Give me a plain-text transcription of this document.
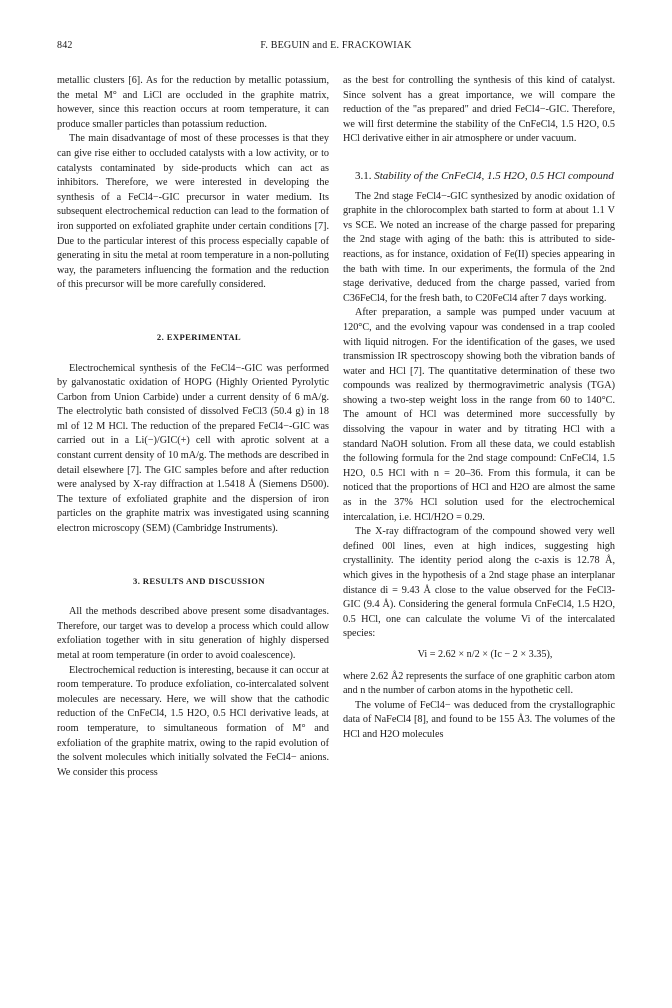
842	F. BEGUIN and E. FRACKOWIAK

metallic clusters [6]. As for the reduction by metallic potassium, the metal M° and LiCl are occluded in the graphite matrix, however, since this reaction occurs at room temperature, it can produce smaller particles than potassium reduction.

The main disadvantage of most of these processes is that they can give rise either to occluded catalysts with a low activity, or to catalysts contaminated by side-products which can act as inhibitors. Therefore, we were interested in developing the synthesis of a FeCl4−-GIC precursor in water medium. Its subsequent electrochemical reduction can lead to the formation of iron supported on exfoliated graphite under certain conditions [7]. Due to the particular interest of this process especially capable of generating in situ the metal at room temperature in a non-polluting way, the parameters influencing the formation and the reduction of this precursor will be more carefully considered.

2. EXPERIMENTAL

Electrochemical synthesis of the FeCl4−-GIC was performed by galvanostatic oxidation of HOPG (Highly Oriented Pyrolytic Carbon from Union Carbide) under a current density of 6 mA/g. The electrolytic bath consisted of dissolved FeCl3 (50.4 g) in 18 ml of 12 M HCl. The reduction of the prepared FeCl4−-GIC was carried out in a Li(−)/GIC(+) cell with aprotic solvent at a constant current density of 10 mA/g. The methods are described in detail elsewhere [7]. The GIC samples before and after reduction were analysed by X-ray diffraction at 1.5418 Å (Siemens D500). The texture of exfoliated graphite and the dispersion of iron particles on the graphite matrix was investigated using scanning electron microscopy (SEM) (Cambridge Instruments).

3. RESULTS AND DISCUSSION

All the methods described above present some disadvantages. Therefore, our target was to develop a process which could allow exfoliation together with in situ generation of highly dispersed metal at room temperature (in order to avoid coalescence).

Electrochemical reduction is interesting, because it can occur at room temperature. To produce exfoliation, co-intercalated solvent molecules are necessary. Here, we will show that the cathodic reduction of the CnFeCl4, 1.5 H2O, 0.5 HCl derivative leads, at room temperature, to simultaneous formation of M° and exfoliation of the graphite matrix, owing to the rapid evolution of the solvent molecules which initially solvated the FeCl4− anions. We consider this process

as the best for controlling the synthesis of this kind of catalyst. Since solvent has a great importance, we will compare the reduction of the "as prepared" and dried FeCl4−-GIC. Therefore, we will first determine the stability of the CnFeCl4, 1.5 H2O, 0.5 HCl derivative either in air atmosphere or under vacuum.

3.1. Stability of the CnFeCl4, 1.5 H2O, 0.5 HCl compound

The 2nd stage FeCl4−-GIC synthesized by anodic oxidation of graphite in the chlorocomplex bath started to form at about 1.1 V vs SCE. We noted an increase of the charge passed for preparing the 2nd stage with aging of the bath: this is attributed to side-reactions, as for instance, oxidation of Fe(II) species appearing in the bath with time. In our experiments, the formula of the 2nd stage derivative, deduced from the charge passed, varied from C36FeCl4, for the fresh bath, to C20FeCl4 after 7 days working.

After preparation, a sample was pumped under vacuum at 120°C, and the evolving vapour was condensed in a trap cooled with liquid nitrogen. For the identification of the gases, we used transmission IR spectroscopy showing both the vibration bands of water and HCl [7]. The quantitative determination of these two compounds was realized by thermogravimetric analysis (TGA) showing a two-step weight loss in the range from 60 to 140°C. The amount of HCl was determined more successfully by dissolving the vapour in water and by titrating HCl with a standard NaOH solution. From all these data, we could establish the following formula for the 2nd stage compound: CnFeCl4, 1.5 H2O, 0.5 HCl with n = 20–36. From this formula, it can be noticed that the proportions of HCl and H2O are almost the same as in the 37% HCl solution used for the electrochemical intercalation, i.e. HCl/H2O = 0.29.

The X-ray diffractogram of the compound showed very well defined 00l lines, even at high indices, suggesting high crystallinity. The identity period along the c-axis is 12.78 Å, which gives in the hypothesis of a 2nd stage phase an interplanar distance di = 9.43 Å close to the value observed for the FeCl3-GIC (9.4 Å). Considering the general formula CnFeCl4, 1.5 H2O, 0.5 HCl, one can calculate the volume Vi of the intercalated species:

Vi = 2.62 × n/2 × (Ic − 2 × 3.35),

where 2.62 Å2 represents the surface of one graphitic carbon atom and n the number of carbon atoms in the hypothetic cell.

The volume of FeCl4− was deduced from the crystallographic data of NaFeCl4 [8], and found to be 155 Å3. The volumes of the HCl and H2O molecules
